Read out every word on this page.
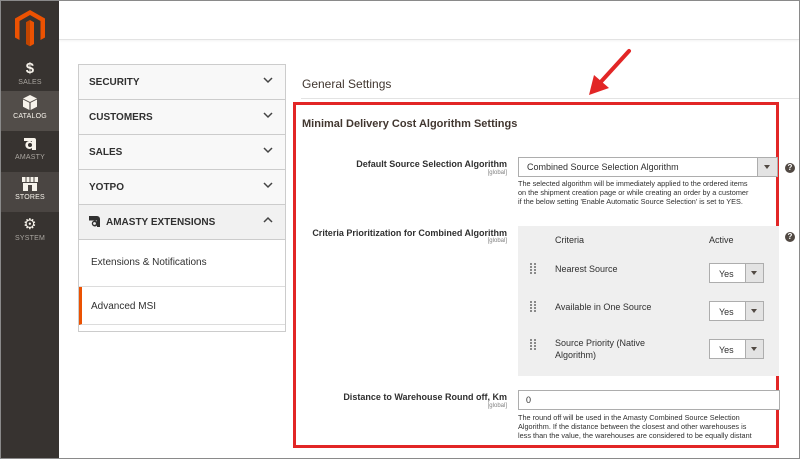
$
SALES
CATALOG
AMASTY
STORES
⚙
SYSTEM
SECURITY
CUSTOMERS
SALES
YOTPO
AMASTY EXTENSIONS
Extensions & Notifications
Advanced MSI
General Settings
Minimal Delivery Cost Algorithm Settings
Default Source Selection Algorithm
[global]
Combined Source Selection Algorithm	?
The selected algorithm will be immediately applied to the ordered items
on the shipment creation page or while creating an order by a customer
if the below setting 'Enable Automatic Source Selection' is set to YES.
Criteria Prioritization for Combined Algorithm
[global]	?
Criteria	Active
Nearest Source	Yes
Available in One Source	Yes
Source Priority (Native
Algorithm)	Yes
Distance to Warehouse Round off, Km
[global]
0
The round off will be used in the Amasty Combined Source Selection
Algorithm. If the distance between the closest and other warehouses is
less than the value, the warehouses are considered to be equally distant
